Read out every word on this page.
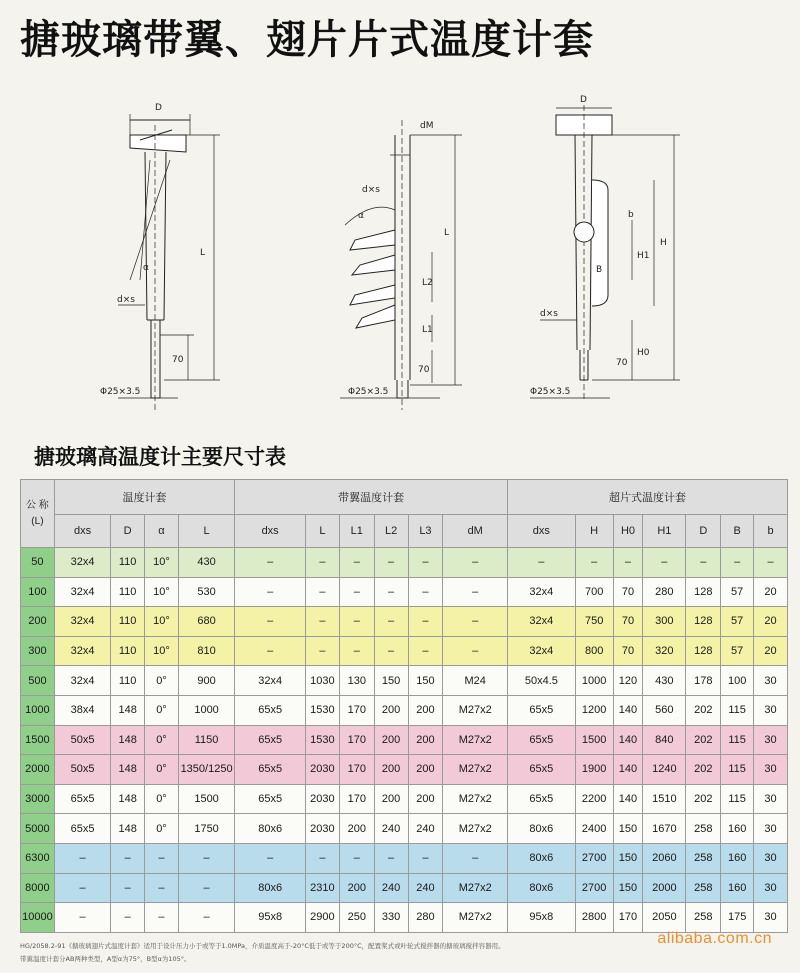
搪玻璃带翼、翅片片式温度计套
D
α
L
d×s
70
Φ25×3.5
dM
d×s
α
L
L2
L1
70
Φ25×3.5
D
b
H
H1
B
H0
d×s
70
Φ25×3.5
搪玻璃高温度计主要尺寸表
公 称
(L)	温度计套				带翼温度计套						超片式温度计套						
	dxs	D	α	L	dxs	L	L1	L2	L3	dM	dxs	H	H0	H1	D	B	b
50	32x4	110	10°	430	–	–	–	–	–	–	–	–	–	–	–	–	–
100	32x4	110	10°	530	–	–	–	–	–	–	32x4	700	70	280	128	57	20
200	32x4	110	10°	680	–	–	–	–	–	–	32x4	750	70	300	128	57	20
300	32x4	110	10°	810	–	–	–	–	–	–	32x4	800	70	320	128	57	20
500	32x4	110	0°	900	32x4	1030	130	150	150	M24	50x4.5	1000	120	430	178	100	30
1000	38x4	148	0°	1000	65x5	1530	170	200	200	M27x2	65x5	1200	140	560	202	115	30
1500	50x5	148	0°	1150	65x5	1530	170	200	200	M27x2	65x5	1500	140	840	202	115	30
2000	50x5	148	0°	1350/1250	65x5	2030	170	200	200	M27x2	65x5	1900	140	1240	202	115	30
3000	65x5	148	0°	1500	65x5	2030	170	200	200	M27x2	65x5	2200	140	1510	202	115	30
5000	65x5	148	0°	1750	80x6	2030	200	240	240	M27x2	80x6	2400	150	1670	258	160	30
6300	–	–	–	–	–	–	–	–	–	–	80x6	2700	150	2060	258	160	30
8000	–	–	–	–	80x6	2310	200	240	240	M27x2	80x6	2700	150	2000	258	160	30
10000	–	–	–	–	95x8	2900	250	330	280	M27x2	95x8	2800	170	2050	258	175	30
HG/2058.2-91《搪玻璃翅片式温度计套》适用于设计压力小于或等于1.0MPa，介质温度高于-20°C低于或等于200°C，配置桨式或叶轮式搅拌器的搪玻璃搅拌容器用。
带翼温度计套分AB两种类型，A型α为75°，B型α为105°。
alibaba.com.cn
